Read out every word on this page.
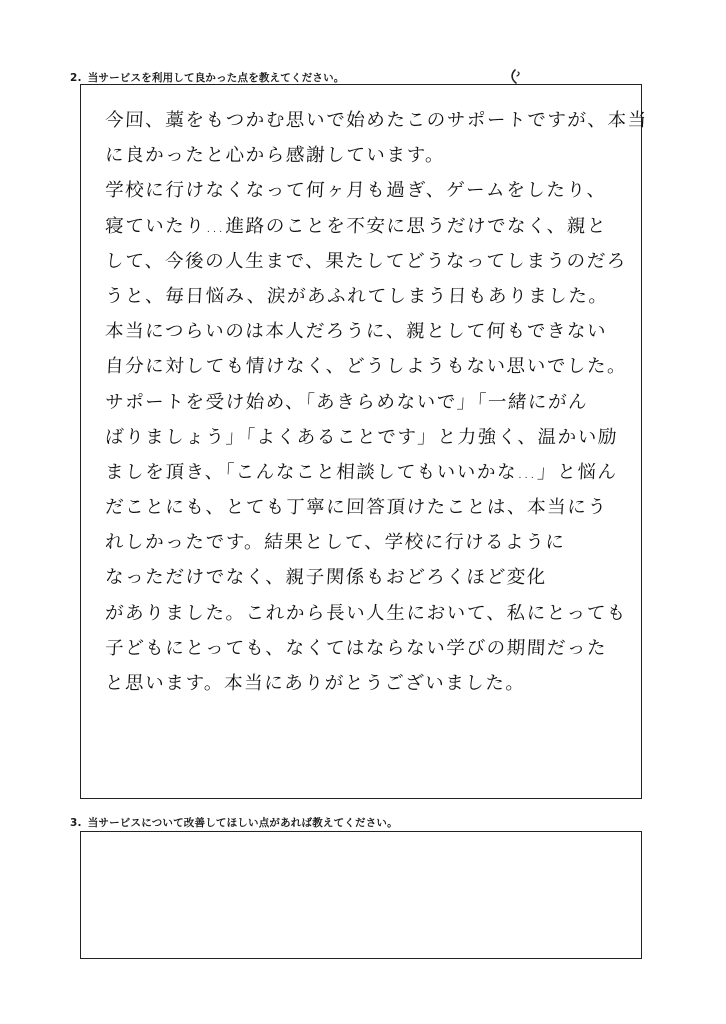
2. 当サービスを利用して良かった点を教えてください。
今回、藁をもつかむ思いで始めたこのサポートですが、本当
に良かったと心から感謝しています。
学校に行けなくなって何ヶ月も過ぎ、ゲームをしたり、
寝ていたり…進路のことを不安に思うだけでなく、親と
して、今後の人生まで、果たしてどうなってしまうのだろ
うと、毎日悩み、涙があふれてしまう日もありました。
本当につらいのは本人だろうに、親として何もできない
自分に対しても情けなく、どうしようもない思いでした。
サポートを受け始め、「あきらめないで」「一緒にがん
ばりましょう」「よくあることです」と力強く、温かい励
ましを頂き、「こんなこと相談してもいいかな…」と悩ん
だことにも、とても丁寧に回答頂けたことは、本当にう
れしかったです。結果として、学校に行けるように
なっただけでなく、親子関係もおどろくほど変化
がありました。これから長い人生において、私にとっても
子どもにとっても、なくてはならない学びの期間だった
と思います。本当にありがとうございました。
3. 当サービスについて改善してほしい点があれば教えてください。
